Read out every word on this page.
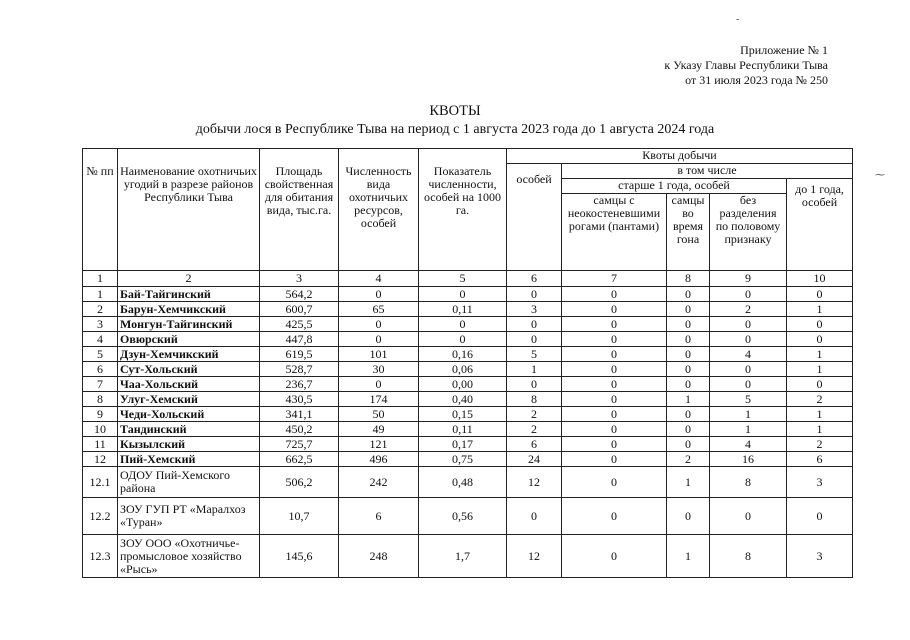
Приложение № 1
к Указу Главы Республики Тыва
от 31 июля 2023 года № 250
КВОТЫ
добычи лося в Республике Тыва на период с 1 августа 2023 года до 1 августа 2024 года
-
⁓
№ пп	Наименование охотничьих угодий в разрезе районов Республики Тыва	Площадь свойственная для обитания вида, тыс.га.	Численность вида охотничьих ресурсов, особей	Показатель численности, особей на 1000 га.	Квоты добычи				
					особей	в том числе			
						старше 1 года, особей			до 1 года, особей
						самцы с неокостеневшими рогами (пантами)	самцы во время гона	без разделения по половому признаку	
1	2	3	4	5	6	7	8	9	10
1	Бай-Тайгинский	564,2	0	0	0	0	0	0	0
2	Барун-Хемчикский	600,7	65	0,11	3	0	0	2	1
3	Монгун-Тайгинский	425,5	0	0	0	0	0	0	0
4	Овюрский	447,8	0	0	0	0	0	0	0
5	Дзун-Хемчикский	619,5	101	0,16	5	0	0	4	1
6	Сут-Хольский	528,7	30	0,06	1	0	0	0	1
7	Чаа-Хольский	236,7	0	0,00	0	0	0	0	0
8	Улуг-Хемский	430,5	174	0,40	8	0	1	5	2
9	Чеди-Хольский	341,1	50	0,15	2	0	0	1	1
10	Тандинский	450,2	49	0,11	2	0	0	1	1
11	Кызылский	725,7	121	0,17	6	0	0	4	2
12	Пий-Хемский	662,5	496	0,75	24	0	2	16	6
12.1	ОДОУ Пий-Хемского района	506,2	242	0,48	12	0	1	8	3
12.2	ЗОУ ГУП РТ «Маралхоз «Туран»	10,7	6	0,56	0	0	0	0	0
12.3	ЗОУ ООО «Охотничье-промысловое хозяйство «Рысь»	145,6	248	1,7	12	0	1	8	3
